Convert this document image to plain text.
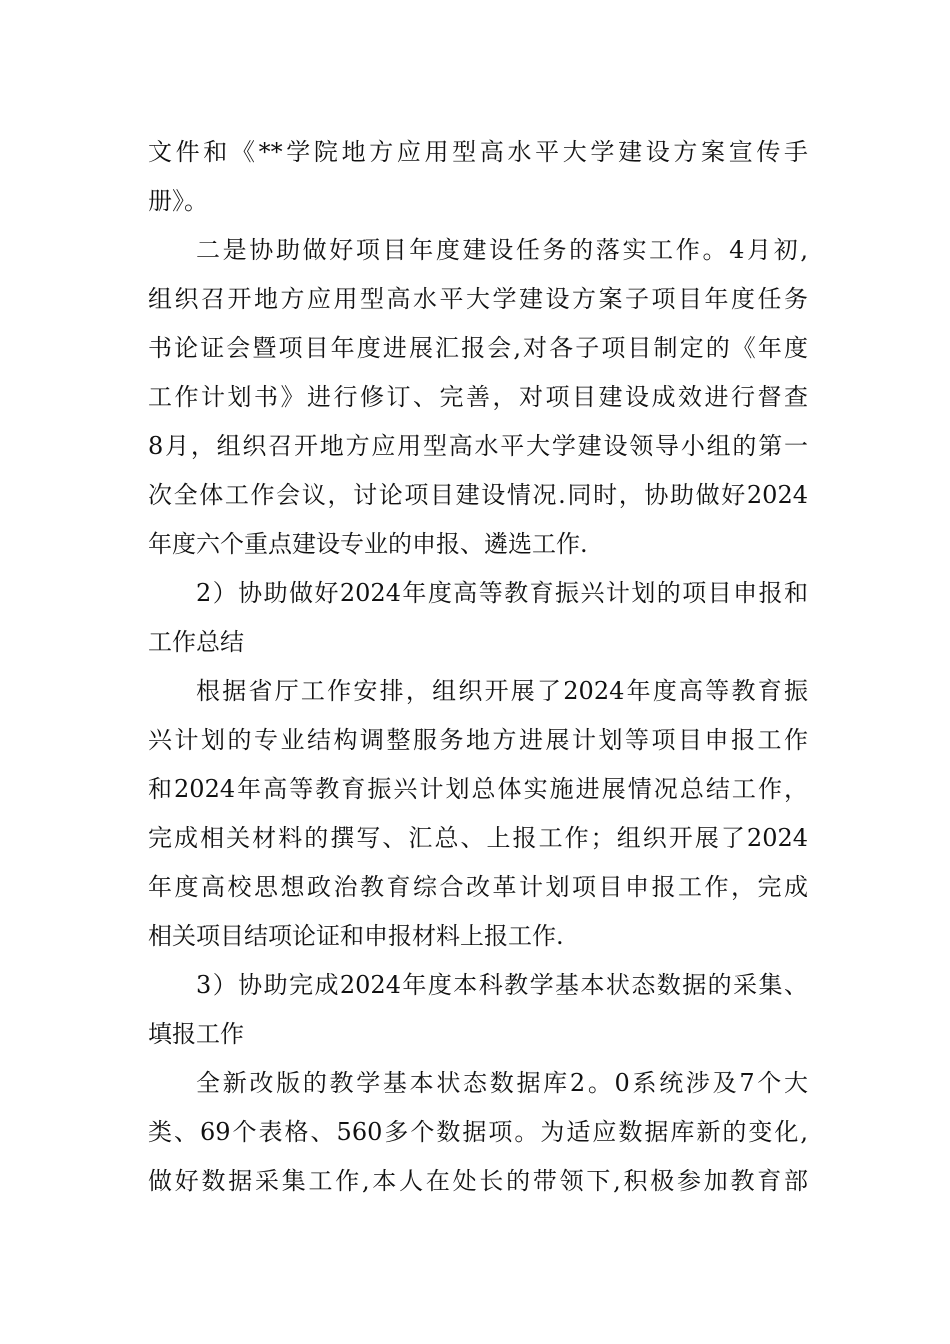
文件和《**学院地方应用型高水平大学建设方案宣传手
册》。
二是协助做好项目年度建设任务的落实工作。4月初,
组织召开地方应用型高水平大学建设方案子项目年度任务
书论证会暨项目年度进展汇报会,对各子项目制定的《年度
工作计划书》进行修订、完善，对项目建设成效进行督查
8月，组织召开地方应用型高水平大学建设领导小组的第一
次全体工作会议，讨论项目建设情况.同时，协助做好2024
年度六个重点建设专业的申报、遴选工作.
2）协助做好2024年度高等教育振兴计划的项目申报和
工作总结
根据省厅工作安排，组织开展了2024年度高等教育振
兴计划的专业结构调整服务地方进展计划等项目申报工作
和2024年高等教育振兴计划总体实施进展情况总结工作，
完成相关材料的撰写、汇总、上报工作；组织开展了2024
年度高校思想政治教育综合改革计划项目申报工作，完成
相关项目结项论证和申报材料上报工作.
3）协助完成2024年度本科教学基本状态数据的采集、
填报工作
全新改版的教学基本状态数据库2。0系统涉及7个大
类、69个表格、560多个数据项。为适应数据库新的变化,
做好数据采集工作,本人在处长的带领下,积极参加教育部
